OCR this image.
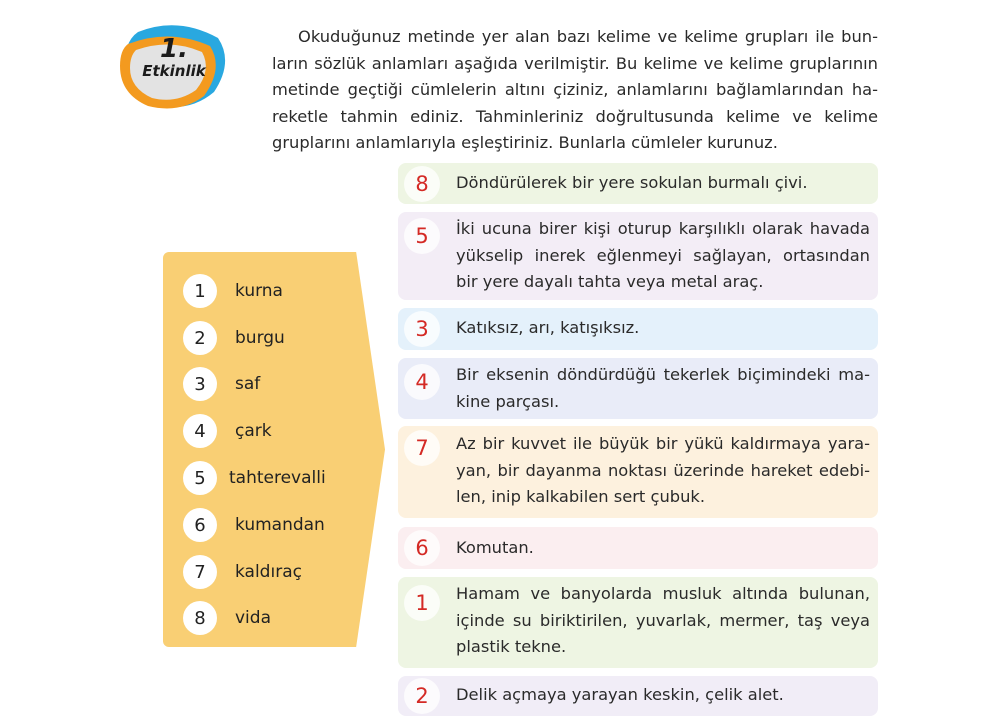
1.
Etkinlik
Okuduğunuz metinde yer alan bazı kelime ve kelime grupları ile bun-
ların sözlük anlamları aşağıda verilmiştir. Bu kelime ve kelime gruplarının
metinde geçtiği cümlelerin altını çiziniz, anlamlarını bağlamlarından ha-
reketle tahmin ediniz. Tahminleriniz doğrultusunda kelime ve kelime
gruplarını anlamlarıyla eşleştiriniz. Bunlarla cümleler kurunuz.
1	kurna
2	burgu
3	saf
4	çark
5	tahterevalli
6	kumandan
7	kaldıraç
8	vida
8	Döndürülerek bir yere sokulan burmalı çivi.
5	İki ucuna birer kişi oturup karşılıklı olarak havada
yükselip inerek eğlenmeyi sağlayan, ortasından
bir yere dayalı tahta veya metal araç.
3	Katıksız, arı, katışıksız.
4	Bir eksenin döndürdüğü tekerlek biçimindeki ma-
kine parçası.
7	Az bir kuvvet ile büyük bir yükü kaldırmaya yara-
yan, bir dayanma noktası üzerinde hareket edebi-
len, inip kalkabilen sert çubuk.
6	Komutan.
1	Hamam ve banyolarda musluk altında bulunan,
içinde su biriktirilen, yuvarlak, mermer, taş veya
plastik tekne.
2	Delik açmaya yarayan keskin, çelik alet.
